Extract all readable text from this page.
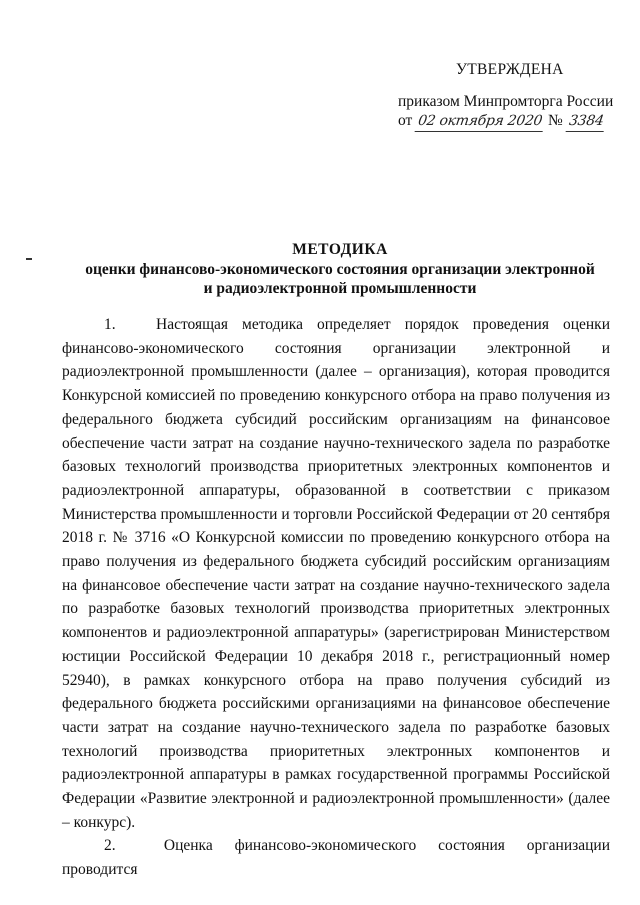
УТВЕРЖДЕНА
приказом Минпромторга России
от 02 октября 2020 № 3384
МЕТОДИКА
оценки финансово-экономического состояния организации электронной
и радиоэлектронной промышленности

1.	Настоящая методика определяет порядок проведения оценки финансово-экономического состояния организации электронной и радиоэлектронной промышленности (далее – организация), которая проводится Конкурсной комиссией по проведению конкурсного отбора на право получения из федерального бюджета субсидий российским организациям на финансовое обеспечение части затрат на создание научно-технического задела по разработке базовых технологий производства приоритетных электронных компонентов и радиоэлектронной аппаратуры, образованной в соответствии с приказом Министерства промышленности и торговли Российской Федерации от 20 сентября 2018 г. № 3716 «О Конкурсной комиссии по проведению конкурсного отбора на право получения из федерального бюджета субсидий российским организациям на финансовое обеспечение части затрат на создание научно-технического задела по разработке базовых технологий производства приоритетных электронных компонентов и радиоэлектронной аппаратуры» (зарегистрирован Министерством юстиции Российской Федерации 10 декабря 2018 г., регистрационный номер 52940), в рамках конкурсного отбора на право получения субсидий из федерального бюджета российскими организациями на финансовое обеспечение части затрат на создание научно-технического задела по разработке базовых технологий производства приоритетных электронных компонентов и радиоэлектронной аппаратуры в рамках государственной программы Российской Федерации «Развитие электронной и радиоэлектронной промышленности» (далее – конкурс).

2.	Оценка финансово-экономического состояния организации проводится
